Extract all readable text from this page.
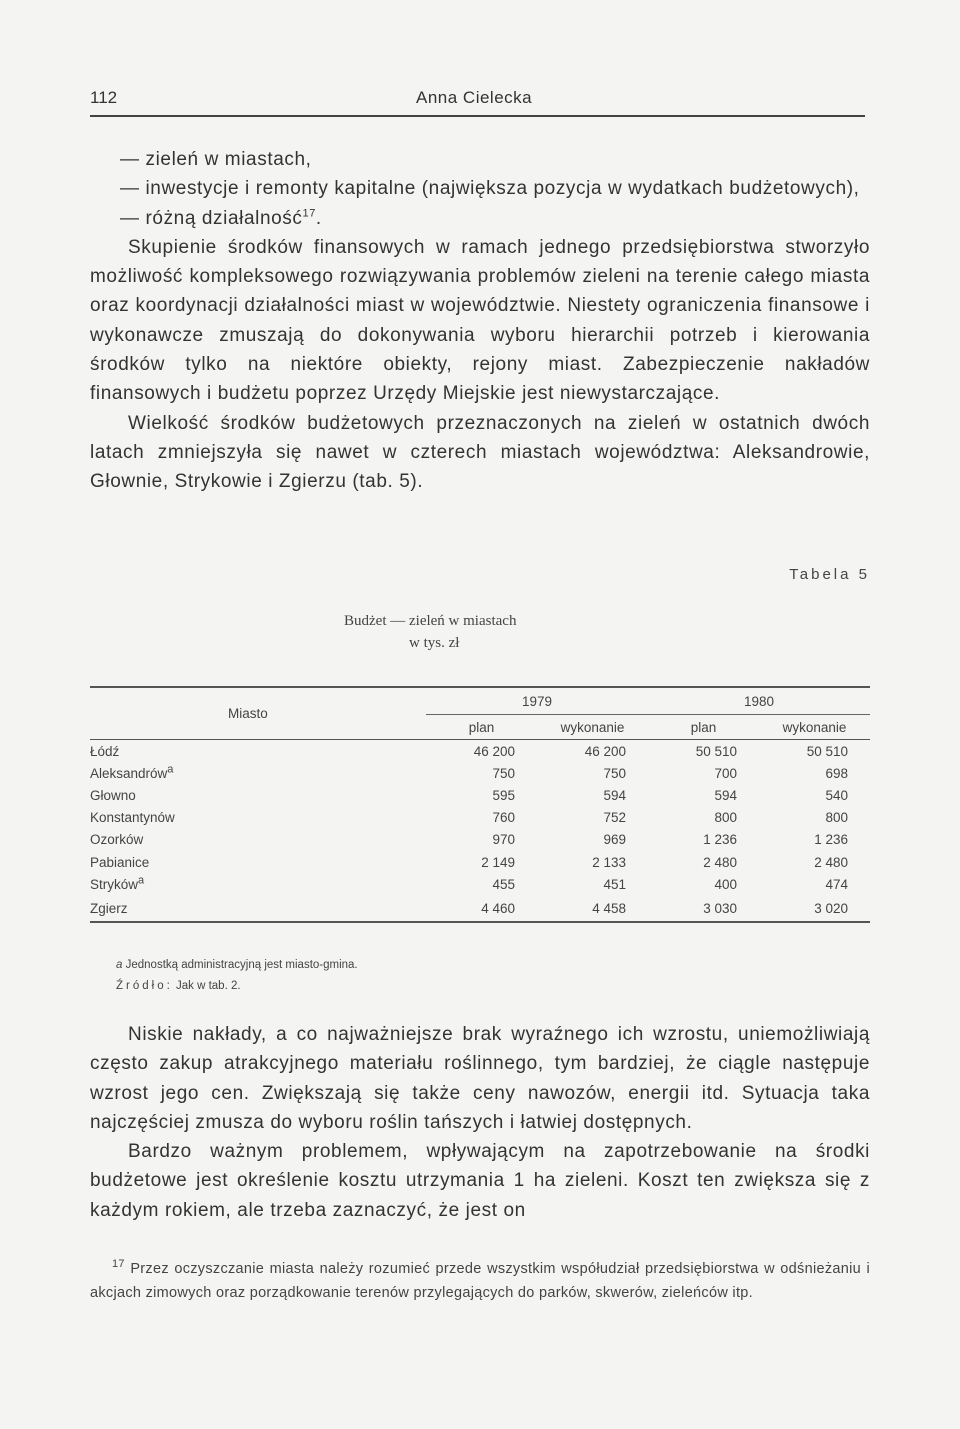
112	Anna Cielecka

— zieleń w miastach,

— inwestycje i remonty kapitalne (największa pozycja w wydatkach budżetowych),

— różną działalność$^{17}$.

Skupienie środków finansowych w ramach jednego przedsiębiorstwa stworzyło możliwość kompleksowego rozwiązywania problemów zieleni na terenie całego miasta oraz koordynacji działalności miast w województwie. Niestety ograniczenia finansowe i wykonawcze zmuszają do dokonywania wyboru hierarchii potrzeb i kierowania środków tylko na niektóre obiekty, rejony miast. Zabezpieczenie nakładów finansowych i budżetu poprzez Urzędy Miejskie jest niewystarczające.

Wielkość środków budżetowych przeznaczonych na zieleń w ostatnich dwóch latach zmniejszyła się nawet w czterech miastach województwa: Aleksandrowie, Głownie, Strykowie i Zgierzu (tab. 5).

Tabela 5
Budżet — zieleń w miastach
w tys. zł
Miasto	1979		1980	
	plan	wykonanie	plan	wykonanie
Łódź	46 200	46 200	50 510	50 510
Aleksandrów$^a$	750	750	700	698
Głowno	595	594	594	540
Konstantynów	760	752	800	800
Ozorków	970	969	1 236	1 236
Pabianice	2 149	2 133	2 480	2 480
Stryków$^a$	455	451	400	474
Zgierz	4 460	4 458	3 030	3 020
a Jednostką administracyjną jest miasto-gmina.
Źródło: Jak w tab. 2.

Niskie nakłady, a co najważniejsze brak wyraźnego ich wzrostu, uniemożliwiają często zakup atrakcyjnego materiału roślinnego, tym bardziej, że ciągle następuje wzrost jego cen. Zwiększają się także ceny nawozów, energii itd. Sytuacja taka najczęściej zmusza do wyboru roślin tańszych i łatwiej dostępnych.

Bardzo ważnym problemem, wpływającym na zapotrzebowanie na środki budżetowe jest określenie kosztu utrzymania 1 ha zieleni. Koszt ten zwiększa się z każdym rokiem, ale trzeba zaznaczyć, że jest on

$^{17}$ Przez oczyszczanie miasta należy rozumieć przede wszystkim współudział przedsiębiorstwa w odśnieżaniu i akcjach zimowych oraz porządkowanie terenów przylegających do parków, skwerów, zieleńców itp.
